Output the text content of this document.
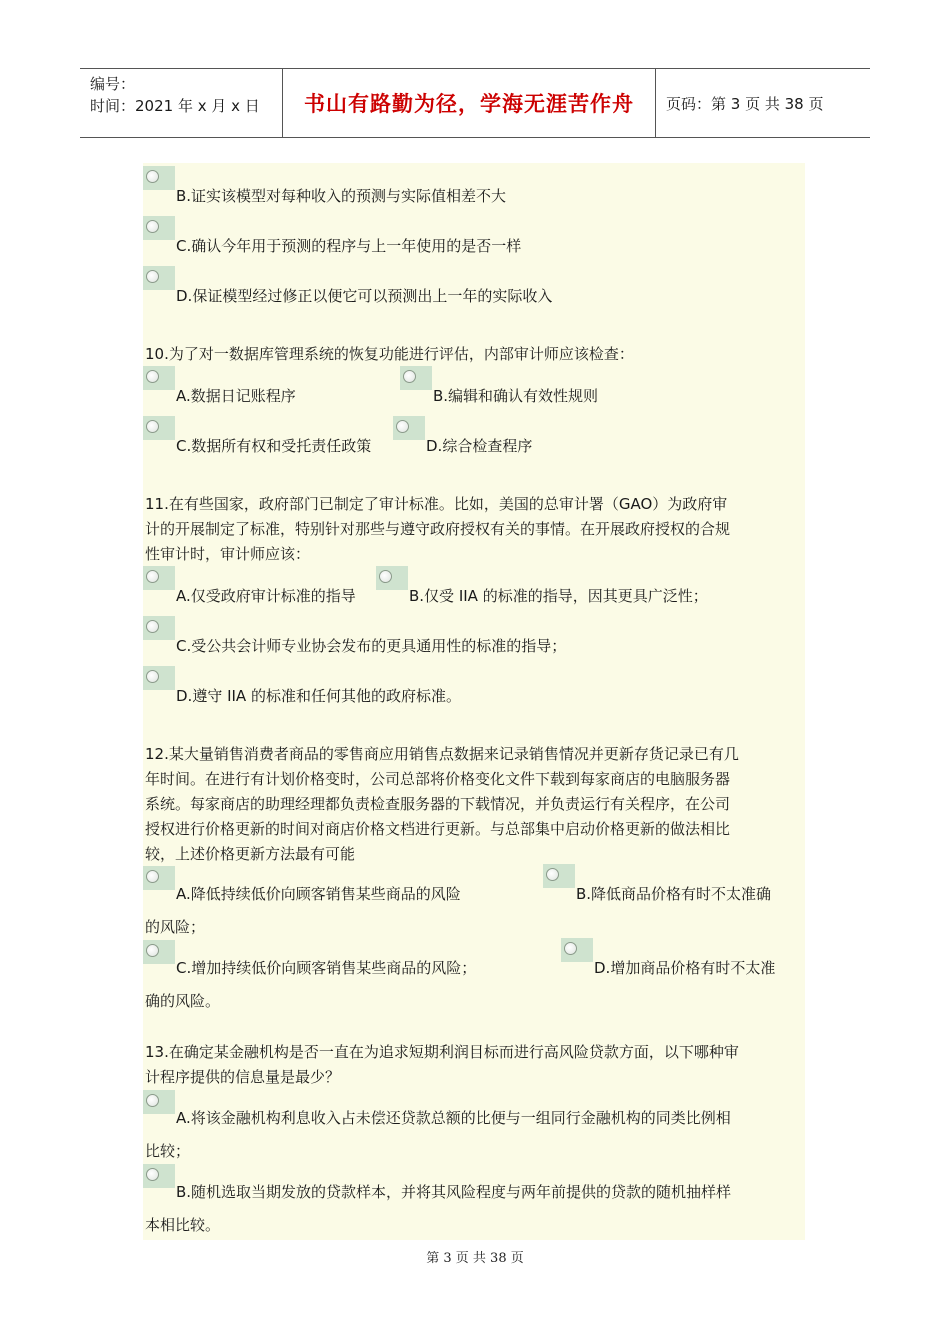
编号：
时间：2021 年 x 月 x 日	书山有路勤为径，学海无涯苦作舟	页码：第 3 页 共 38 页
B.证实该模型对每种收入的预测与实际值相差不大
C.确认今年用于预测的程序与上一年使用的是否一样
D.保证模型经过修正以便它可以预测出上一年的实际收入
10.为了对一数据库管理系统的恢复功能进行评估，内部审计师应该检查：
A.数据日记账程序	B.编辑和确认有效性规则
C.数据所有权和受托责任政策	D.综合检查程序
11.在有些国家，政府部门已制定了审计标准。比如，美国的总审计署（GAO）为政府审
计的开展制定了标准，特别针对那些与遵守政府授权有关的事情。在开展政府授权的合规
性审计时，审计师应该：
A.仅受政府审计标准的指导	B.仅受 IIA 的标准的指导，因其更具广泛性；
C.受公共会计师专业协会发布的更具通用性的标准的指导；
D.遵守 IIA 的标准和任何其他的政府标准。
12.某大量销售消费者商品的零售商应用销售点数据来记录销售情况并更新存货记录已有几
年时间。在进行有计划价格变时，公司总部将价格变化文件下载到每家商店的电脑服务器
系统。每家商店的助理经理都负责检查服务器的下载情况，并负责运行有关程序，在公司
授权进行价格更新的时间对商店价格文档进行更新。与总部集中启动价格更新的做法相比
较，上述价格更新方法最有可能
A.降低持续低价向顾客销售某些商品的风险	B.降低商品价格有时不太准确
的风险；
C.增加持续低价向顾客销售某些商品的风险；	D.增加商品价格有时不太准
确的风险。
13.在确定某金融机构是否一直在为追求短期利润目标而进行高风险贷款方面，以下哪种审
计程序提供的信息量是最少？
A.将该金融机构利息收入占未偿还贷款总额的比便与一组同行金融机构的同类比例相
比较；
B.随机选取当期发放的贷款样本，并将其风险程度与两年前提供的贷款的随机抽样样
本相比较。
第 3 页 共 38 页
